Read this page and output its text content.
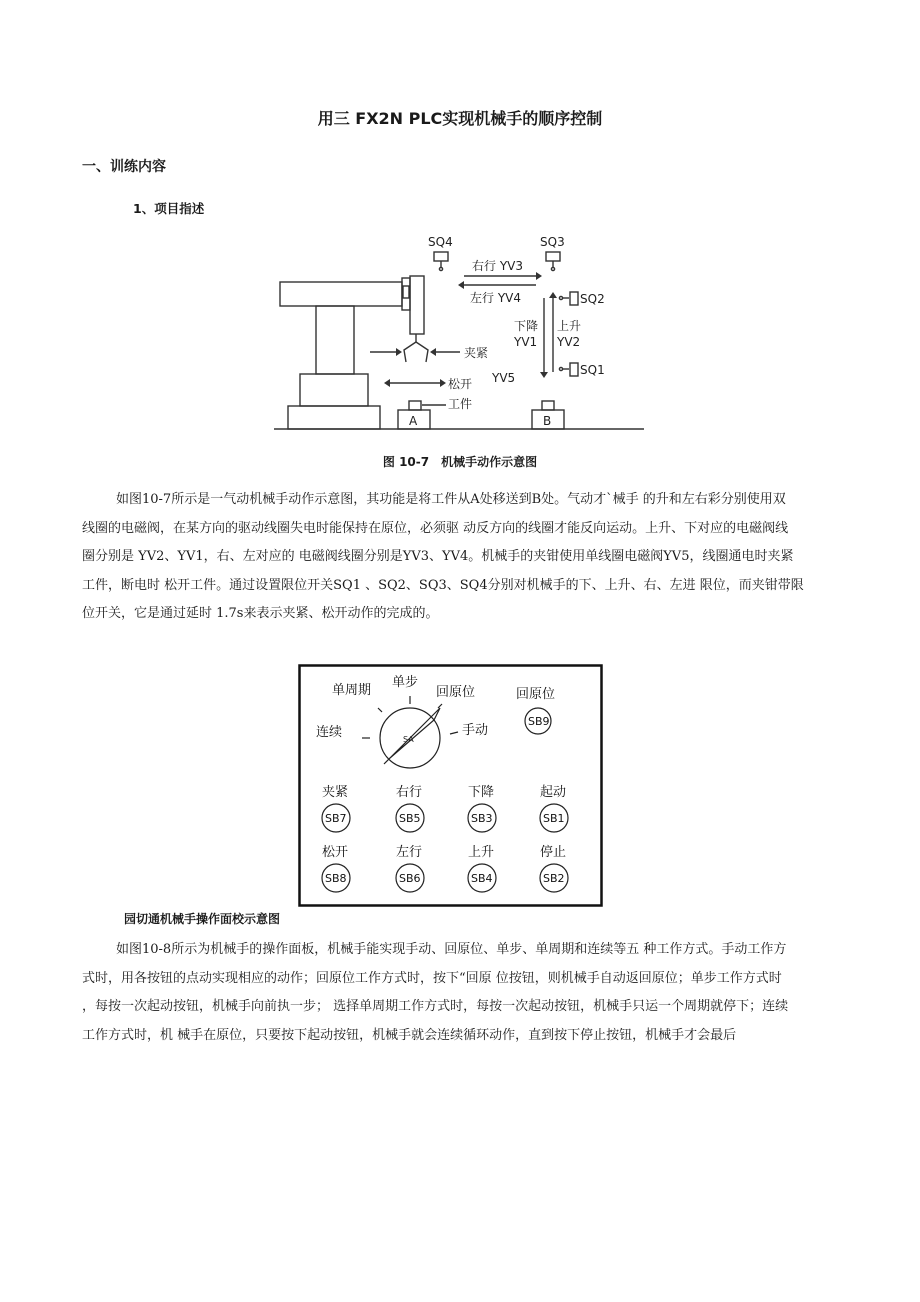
用三 FX2N PLC实现机械手的顺序控制
一、训练内容
1、项目指述
SQ4	SQ3
右行 YV3
左行 YV4	SQ2
SQ1
下降
YV1
上升
YV2
夹紧
松开 YV5
工件
A	B
图 10-7　机械手动作示意图
如图10-7所示是一气动机械手动作示意图，其功能是将工件从A处移送到B处。气动才`械手 的升和左右彩分别使用双
线圈的电磁阀，在某方向的驱动线圈失电时能保持在原位，必须驱 动反方向的线圈才能反向运动。上升、下对应的电磁阀线
圈分别是 YV2、YV1，右、左对应的 电磁阀线圈分别是YV3、YV4。机械手的夹钳使用单线圈电磁阀YV5，线圈通电时夹紧
工件，断电时 松开工件。通过设置限位开关SQ1 、SQ2、SQ3、SQ4分别对机械手的下、上升、右、左进 限位，而夹钳带限
位开关，它是通过延时 1.7s来表示夹紧、松开动作的完成的。
SA
单周期
单步
回原位
连续	手动
回原位
SB9
夹紧	右行	下降	起动
松开	左行	上升	停止
SB7	SB5	SB3	SB1
SB8	SB6	SB4	SB2
园切通机械手操作面校示意图
如图10-8所示为机械手的操作面板，机械手能实现手动、回原位、单步、单周期和连续等五 种工作方式。手动工作方
式时，用各按钮的点动实现相应的动作；回原位工作方式时，按下“回原 位按钮，则机械手自动返回原位；单步工作方式时
，每按一次起动按钮，机械手向前执一步； 选择单周期工作方式时，每按一次起动按钮，机械手只运一个周期就停下；连续
工作方式时，机 械手在原位，只要按下起动按钮，机械手就会连续循环动作，直到按下停止按钮，机械手才会最后
